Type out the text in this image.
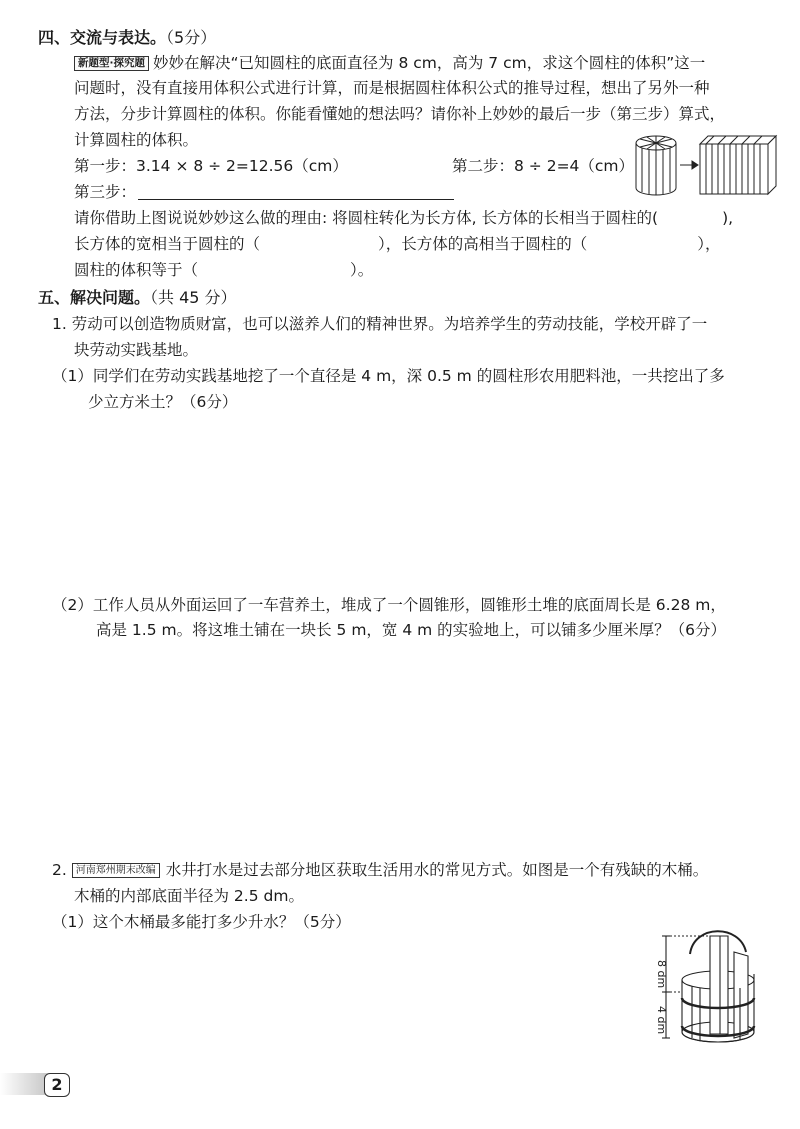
四、交流与表达。（5分）
新题型·探究题 妙妙在解决“已知圆柱的底面直径为 8 cm，高为 7 cm，求这个圆柱的体积”这一
问题时，没有直接用体积公式进行计算，而是根据圆柱体积公式的推导过程，想出了另外一种
方法，分步计算圆柱的体积。你能看懂她的想法吗？请你补上妙妙的最后一步（第三步）算式，
计算圆柱的体积。
第一步：3.14 × 8 ÷ 2=12.56（cm）	第二步：8 ÷ 2=4（cm）
第三步：
请你借助上图说说妙妙这么做的理由: 将圆柱转化为长方体, 长方体的长相当于圆柱的(	),
长方体的宽相当于圆柱的（	），长方体的高相当于圆柱的（	），
圆柱的体积等于（	）。
五、解决问题。（共 45 分）
1. 劳动可以创造物质财富，也可以滋养人们的精神世界。为培养学生的劳动技能，学校开辟了一
块劳动实践基地。
（1）同学们在劳动实践基地挖了一个直径是 4 m，深 0.5 m 的圆柱形农用肥料池，一共挖出了多
少立方米土？（6分）
（2）工作人员从外面运回了一车营养土，堆成了一个圆锥形，圆锥形土堆的底面周长是 6.28 m，
高是 1.5 m。将这堆土铺在一块长 5 m，宽 4 m 的实验地上，可以铺多少厘米厚？（6分）
2. 河南郑州期末改编 水井打水是过去部分地区获取生活用水的常见方式。如图是一个有残缺的木桶。
木桶的内部底面半径为 2.5 dm。
（1）这个木桶最多能打多少升水？（5分）
8 dm
4 dm
2
